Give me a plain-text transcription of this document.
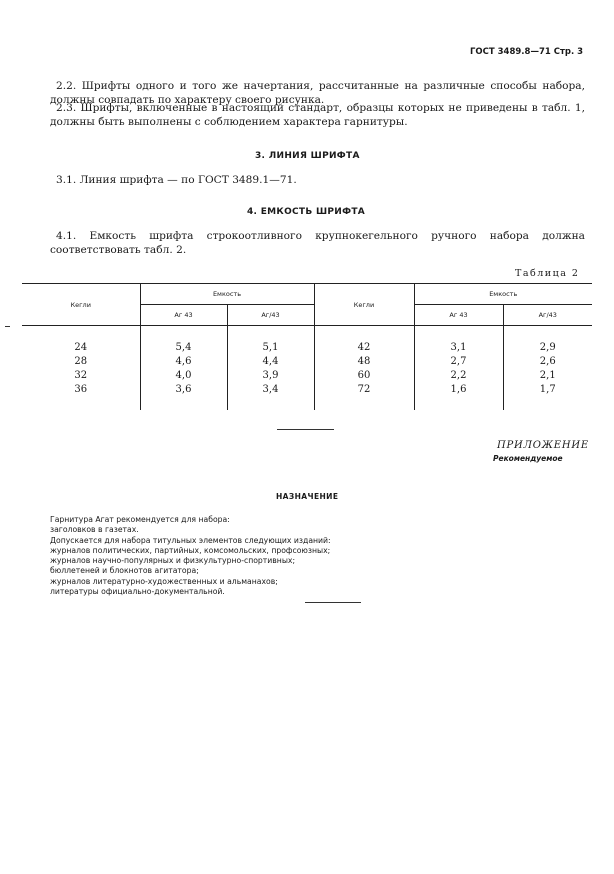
ГОСТ 3489.8—71 Стр. 3

2.2. Шрифты одного и того же начертания, рассчитанные на различные способы набора, должны совпадать по характеру своего рисунка.

2.3. Шрифты, включенные в настоящий стандарт, образцы которых не приведены в табл. 1, должны быть выполнены с соблюдением характера гарнитуры.

3. ЛИНИЯ ШРИФТА

3.1. Линия шрифта — по ГОСТ 3489.1—71.

4. ЕМКОСТЬ ШРИФТА

4.1. Емкость шрифта строкоотливного крупнокегельного ручного набора должна соответствовать табл. 2.

Таблица 2
Кегли	Емкость		Кегли	Емкость	
	Аг 43	Аг/43		Аг 43	Аг/43

24	5,4	5,1	42	3,1	2,9
28	4,6	4,4	48	2,7	2,6
32	4,0	3,9	60	2,2	2,1
36	3,6	3,4	72	1,6	1,7

ПРИЛОЖЕНИЕ
Рекомендуемое
НАЗНАЧЕНИЕ
Гарнитура Агат рекомендуется для набора:
заголовков в газетах.
Допускается для набора титульных элементов следующих изданий:
журналов политических, партийных, комсомольских, профсоюзных;
журналов научно-популярных и физкультурно-спортивных;
бюллетеней и блокнотов агитатора;
журналов литературно-художественных и альманахов;
литературы официально-документальной.
